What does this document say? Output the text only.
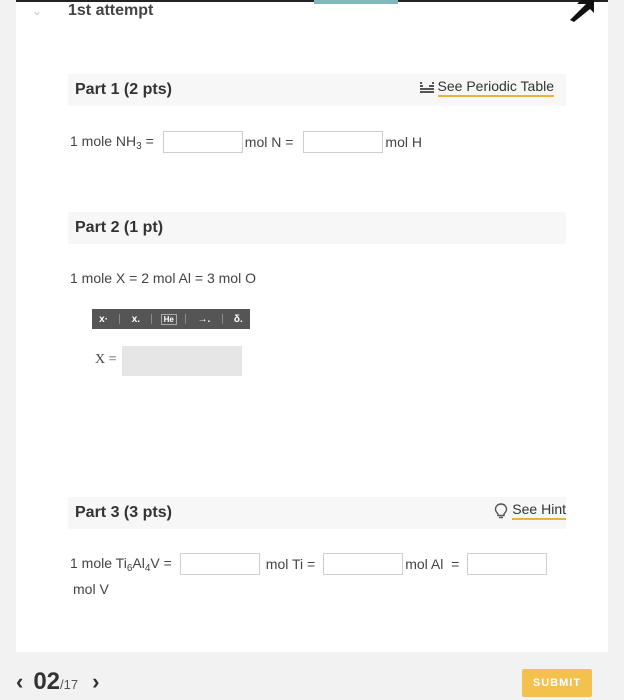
⌄ 1st attempt
Part 1 (2 pts)	See Periodic Table
1 mole $NH_3$ =	mol N =	mol H
Part 2 (1 pt)
1 mole X = 2 mol Al = 3 mol O
x·	x.	He	→.	δ.
X =
Part 3 (3 pts)	See Hint
1 mole $Ti_6Al_4V$ =	mol Ti =	mol Al  =
mol V
‹ 02 /17 ›	SUBMIT
